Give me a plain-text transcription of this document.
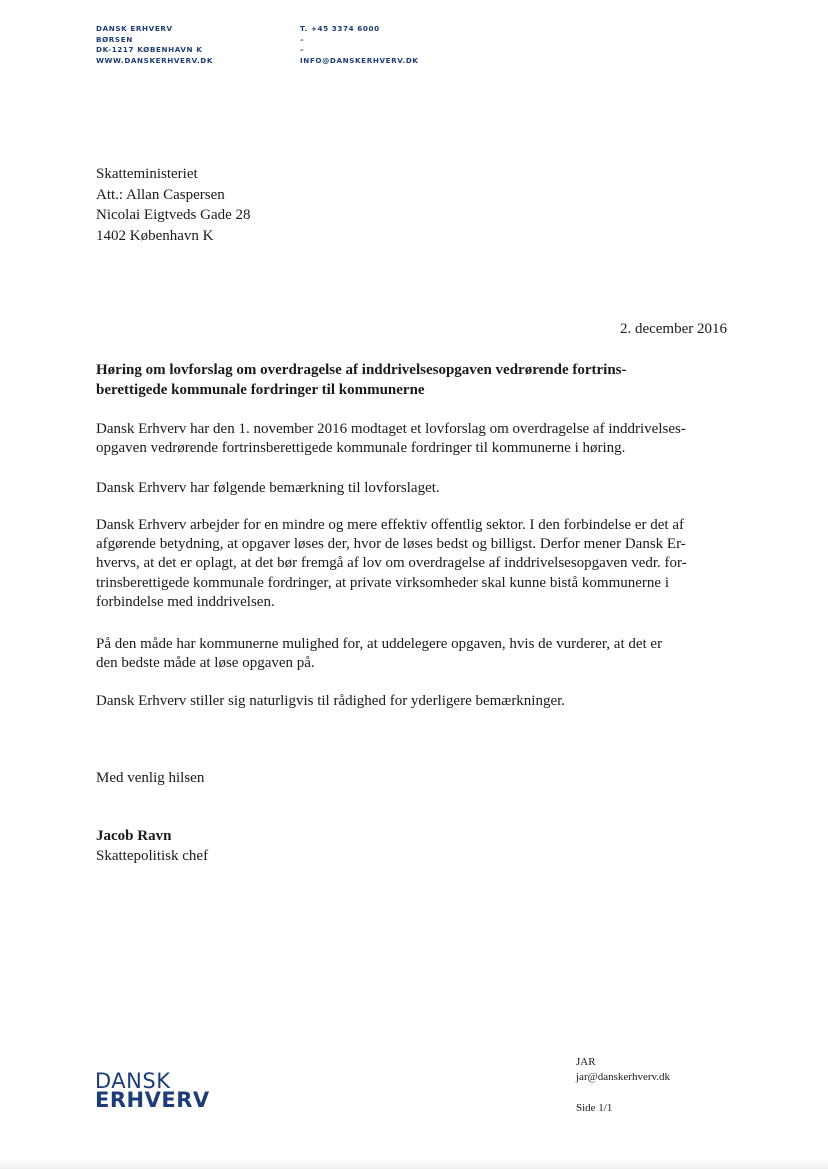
DANSK ERHVERV
BØRSEN
DK-1217 KØBENHAVN K
WWW.DANSKERHVERV.DK
T. +45 3374 6000
–
–
INFO@DANSKERHVERV.DK
Skatteministeriet
Att.: Allan Caspersen
Nicolai Eigtveds Gade 28
1402 København K
2. december 2016
Høring om lovforslag om overdragelse af inddrivelsesopgaven vedrørende fortrins-
berettigede kommunale fordringer til kommunerne
Dansk Erhverv har den 1. november 2016 modtaget et lovforslag om overdragelse af inddrivelses-
opgaven vedrørende fortrinsberettigede kommunale fordringer til kommunerne i høring.
Dansk Erhverv har følgende bemærkning til lovforslaget.
Dansk Erhverv arbejder for en mindre og mere effektiv offentlig sektor. I den forbindelse er det af
afgørende betydning, at opgaver løses der, hvor de løses bedst og billigst. Derfor mener Dansk Er-
hvervs, at det er oplagt, at det bør fremgå af lov om overdragelse af inddrivelsesopgaven vedr. for-
trinsberettigede kommunale fordringer, at private virksomheder skal kunne bistå kommunerne i
forbindelse med inddrivelsen.
På den måde har kommunerne mulighed for, at uddelegere opgaven, hvis de vurderer, at det er
den bedste måde at løse opgaven på.
Dansk Erhverv stiller sig naturligvis til rådighed for yderligere bemærkninger.
Med venlig hilsen
Jacob Ravn
Skattepolitisk chef
DANSK
ERHVERV
JAR
jar@danskerhverv.dk
Side 1/1
